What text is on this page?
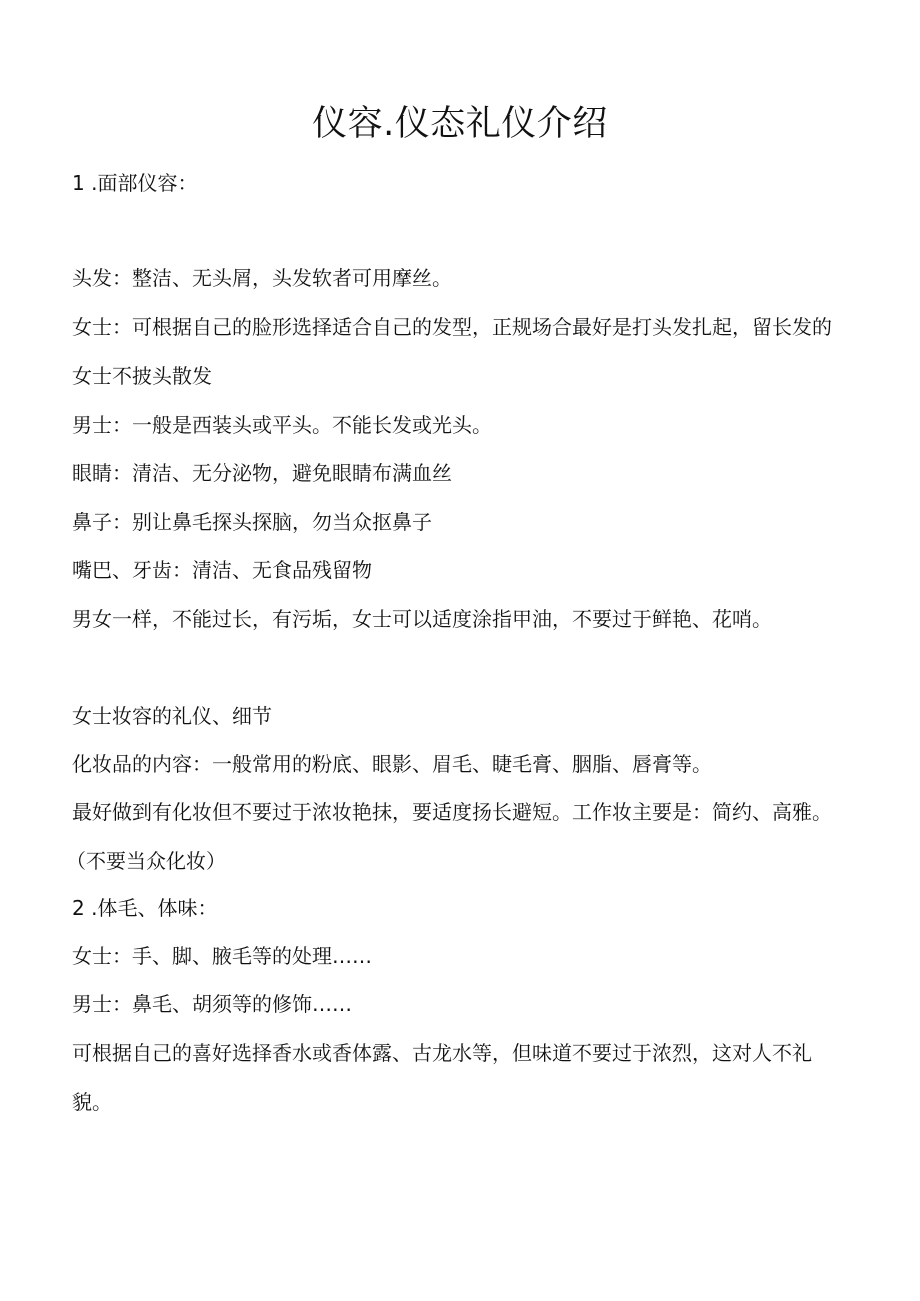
仪容.仪态礼仪介绍
1 .面部仪容：
头发：整洁、无头屑，头发软者可用摩丝。
女士：可根据自己的脸形选择适合自己的发型，正规场合最好是打头发扎起，留长发的
女士不披头散发
男士：一般是西装头或平头。不能长发或光头。
眼睛：清洁、无分泌物，避免眼睛布满血丝
鼻子：别让鼻毛探头探脑，勿当众抠鼻子
嘴巴、牙齿：清洁、无食品残留物
男女一样，不能过长，有污垢，女士可以适度涂指甲油，不要过于鲜艳、花哨。
女士妆容的礼仪、细节
化妆品的内容：一般常用的粉底、眼影、眉毛、睫毛膏、胭脂、唇膏等。
最好做到有化妆但不要过于浓妆艳抹，要适度扬长避短。工作妆主要是：简约、高雅。
（不要当众化妆）
2 .体毛、体味：
女士：手、脚、腋毛等的处理……
男士：鼻毛、胡须等的修饰……
可根据自己的喜好选择香水或香体露、古龙水等，但味道不要过于浓烈，这对人不礼
貌。
